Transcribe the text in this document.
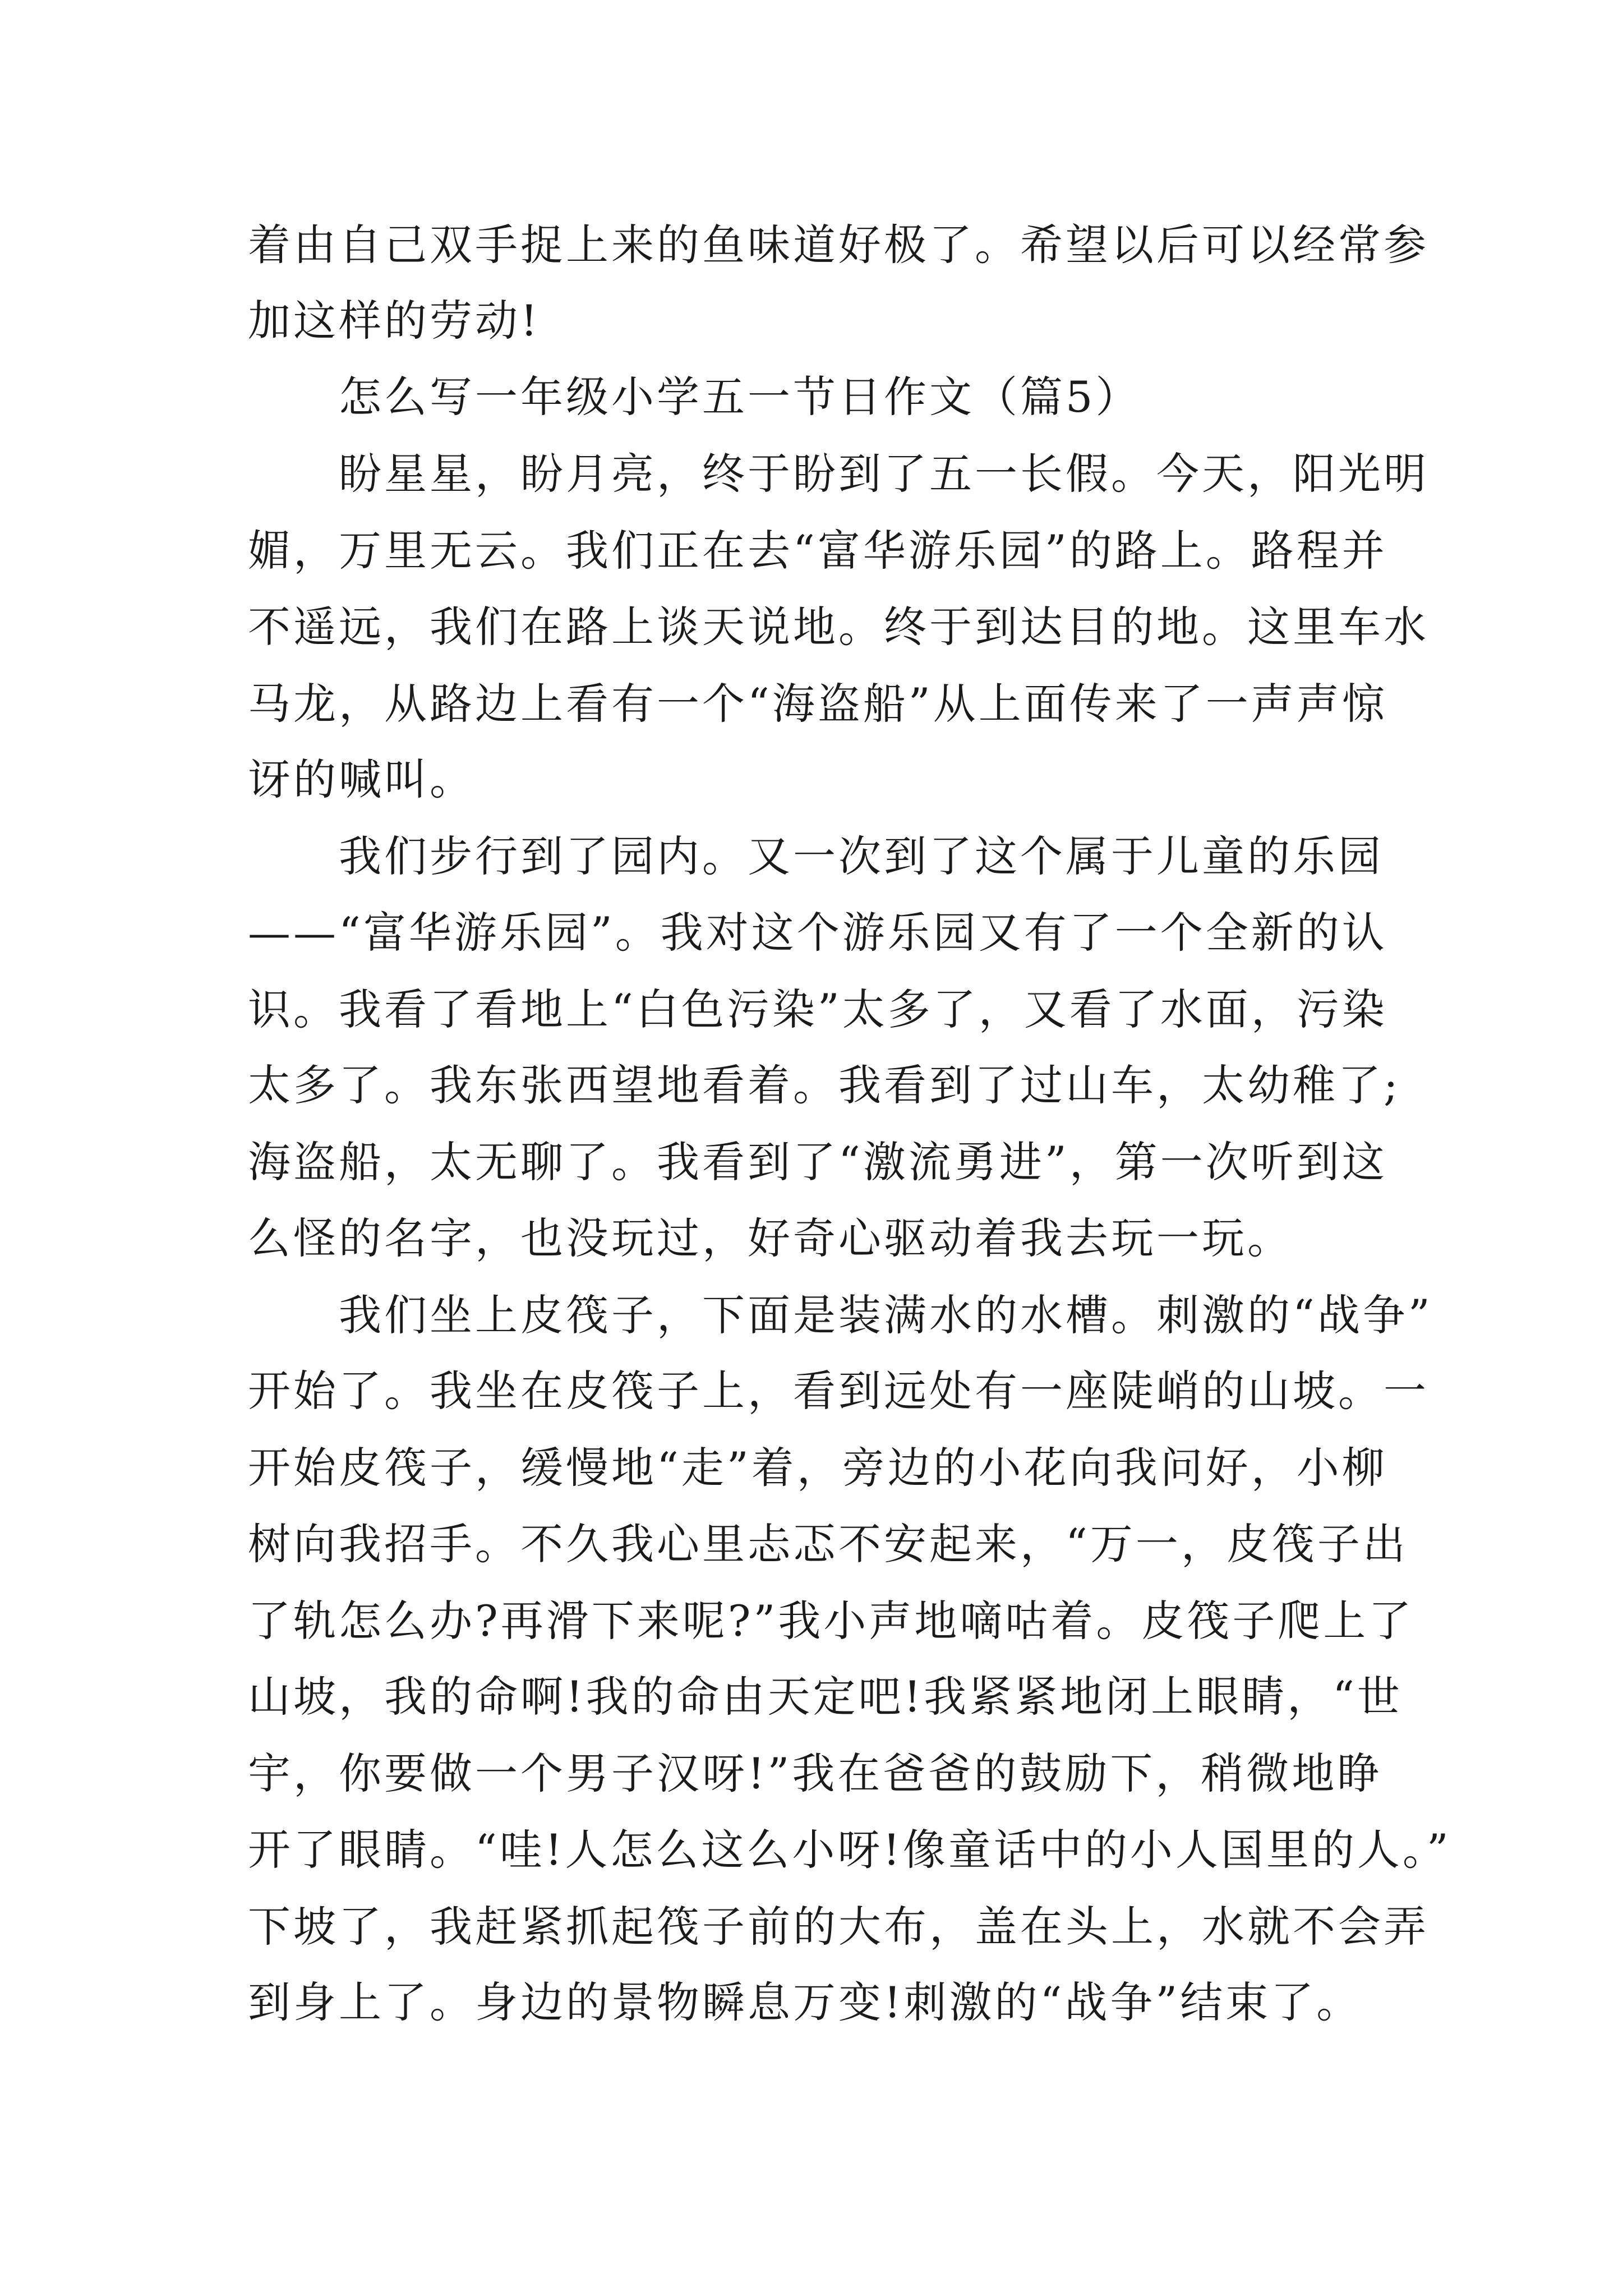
着由自己双手捉上来的鱼味道好极了。希望以后可以经常参
加这样的劳动!
　　怎么写一年级小学五一节日作文（篇5）
　　盼星星，盼月亮，终于盼到了五一长假。今天，阳光明
媚，万里无云。我们正在去“富华游乐园”的路上。路程并
不遥远，我们在路上谈天说地。终于到达目的地。这里车水
马龙，从路边上看有一个“海盗船”从上面传来了一声声惊
讶的喊叫。
　　我们步行到了园内。又一次到了这个属于儿童的乐园
——“富华游乐园”。我对这个游乐园又有了一个全新的认
识。我看了看地上“白色污染”太多了，又看了水面，污染
太多了。我东张西望地看着。我看到了过山车，太幼稚了;
海盗船，太无聊了。我看到了“激流勇进”，第一次听到这
么怪的名字，也没玩过，好奇心驱动着我去玩一玩。
　　我们坐上皮筏子，下面是装满水的水槽。刺激的“战争”
开始了。我坐在皮筏子上，看到远处有一座陡峭的山坡。一
开始皮筏子，缓慢地“走”着，旁边的小花向我问好，小柳
树向我招手。不久我心里忐忑不安起来，“万一，皮筏子出
了轨怎么办?再滑下来呢?”我小声地嘀咕着。皮筏子爬上了
山坡，我的命啊!我的命由天定吧!我紧紧地闭上眼睛，“世
宇，你要做一个男子汉呀!”我在爸爸的鼓励下，稍微地睁
开了眼睛。“哇!人怎么这么小呀!像童话中的小人国里的人。”
下坡了，我赶紧抓起筏子前的大布，盖在头上，水就不会弄
到身上了。身边的景物瞬息万变!刺激的“战争”结束了。
